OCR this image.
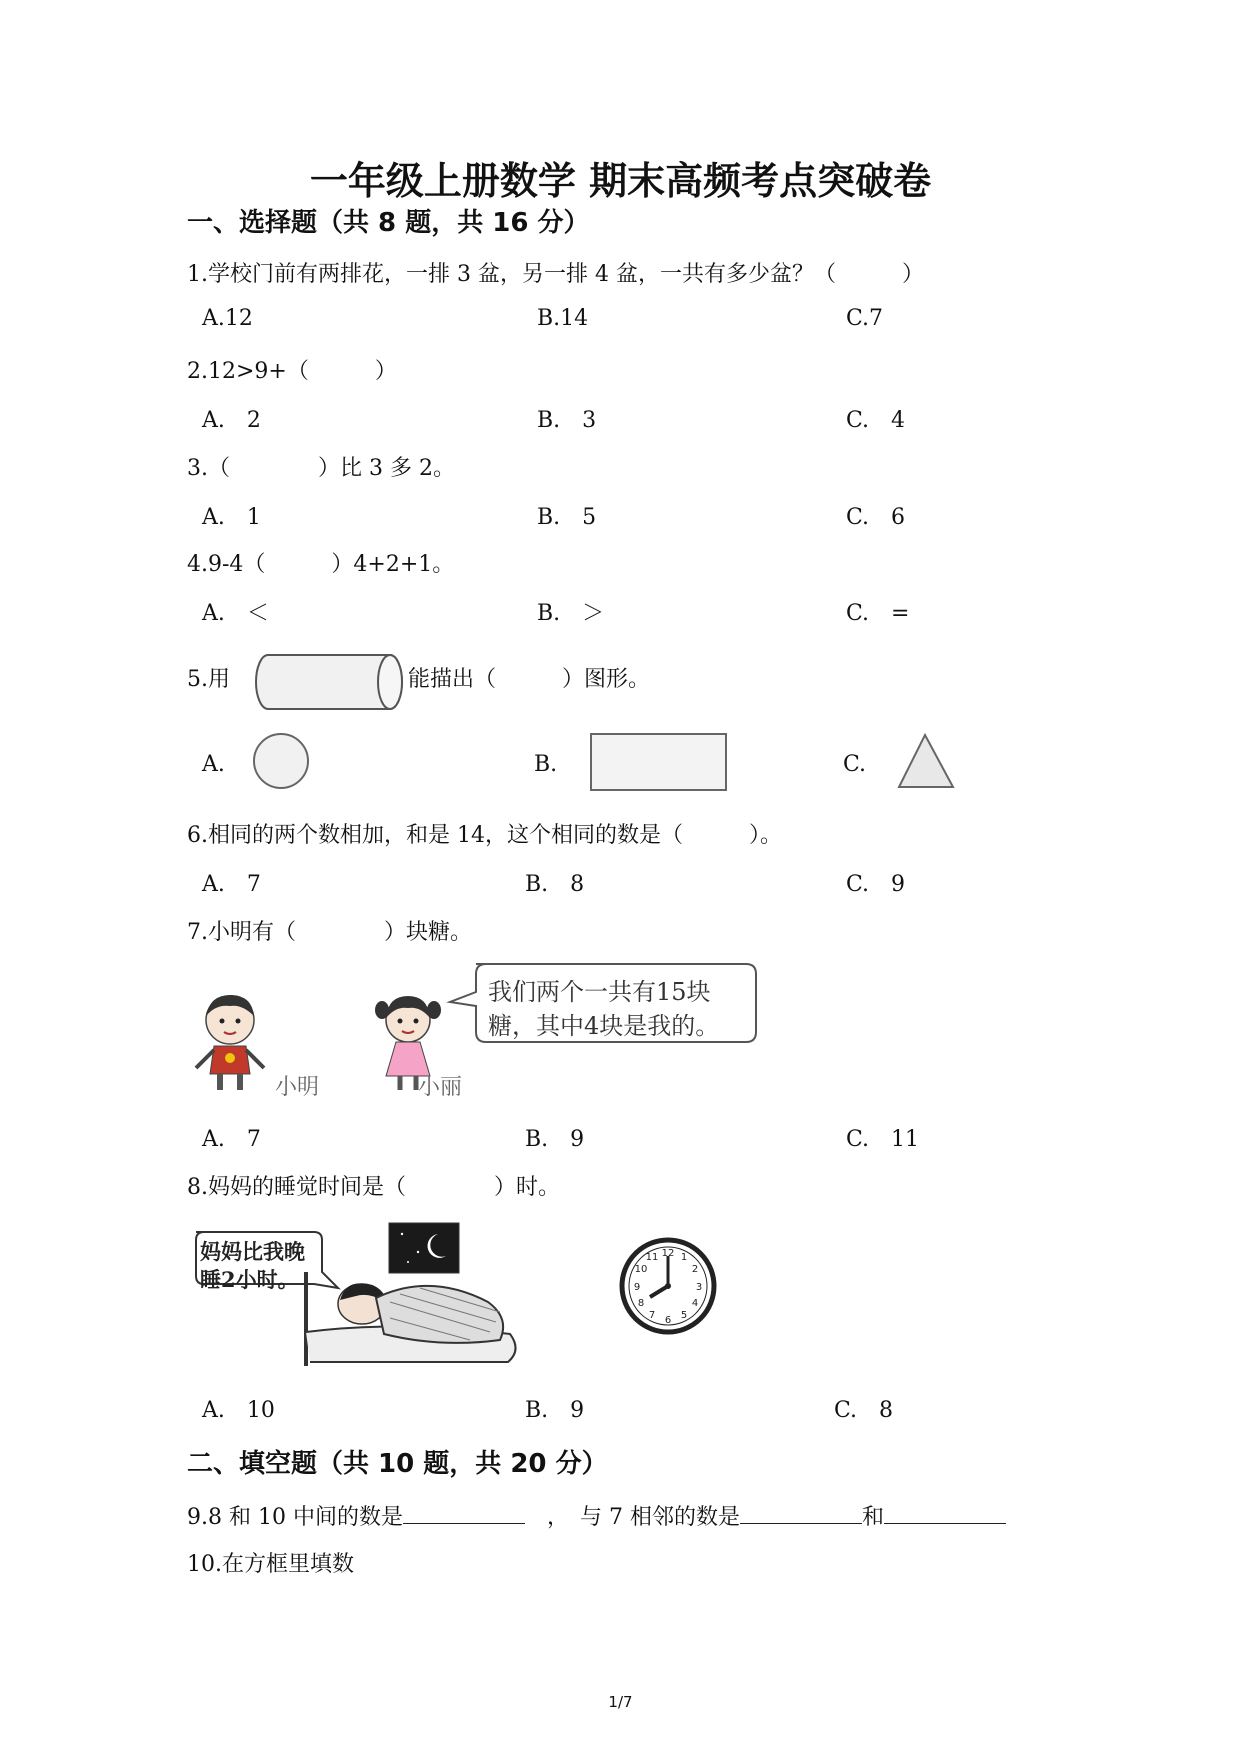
一年级上册数学 期末高频考点突破卷
一、选择题（共 8 题，共 16 分）
1.学校门前有两排花，一排 3 盆，另一排 4 盆，一共有多少盆？（　　　）
A.12	B.14	C.7
2.12>9+（　　　）
A.　2	B.　3	C.　4
3.（　　　　）比 3 多 2。
A.　1	B.　5	C.　6
4.9-4（　　　）4+2+1。
A.　＜	B.　＞	C.　=
5.用	能描出（　　　）图形。
A.	B.	C.
6.相同的两个数相加，和是 14，这个相同的数是（　　　）。
A.　7	B.　8	C.　9
7.小明有（　　　　）块糖。
小明	小丽
我们两个一共有15块
糖，其中4块是我的。
A.　7	B.　9	C.　11
8.妈妈的睡觉时间是（　　　　）时。
妈妈比我晚
睡2小时。
12 1
2
3
4
5
6
7
8
9
10
11
A.　10	B.　9	C.　8
二、填空题（共 10 题，共 20 分）
9.8 和 10 中间的数是	，　与 7 相邻的数是	和
10.在方框里填数
1/7
